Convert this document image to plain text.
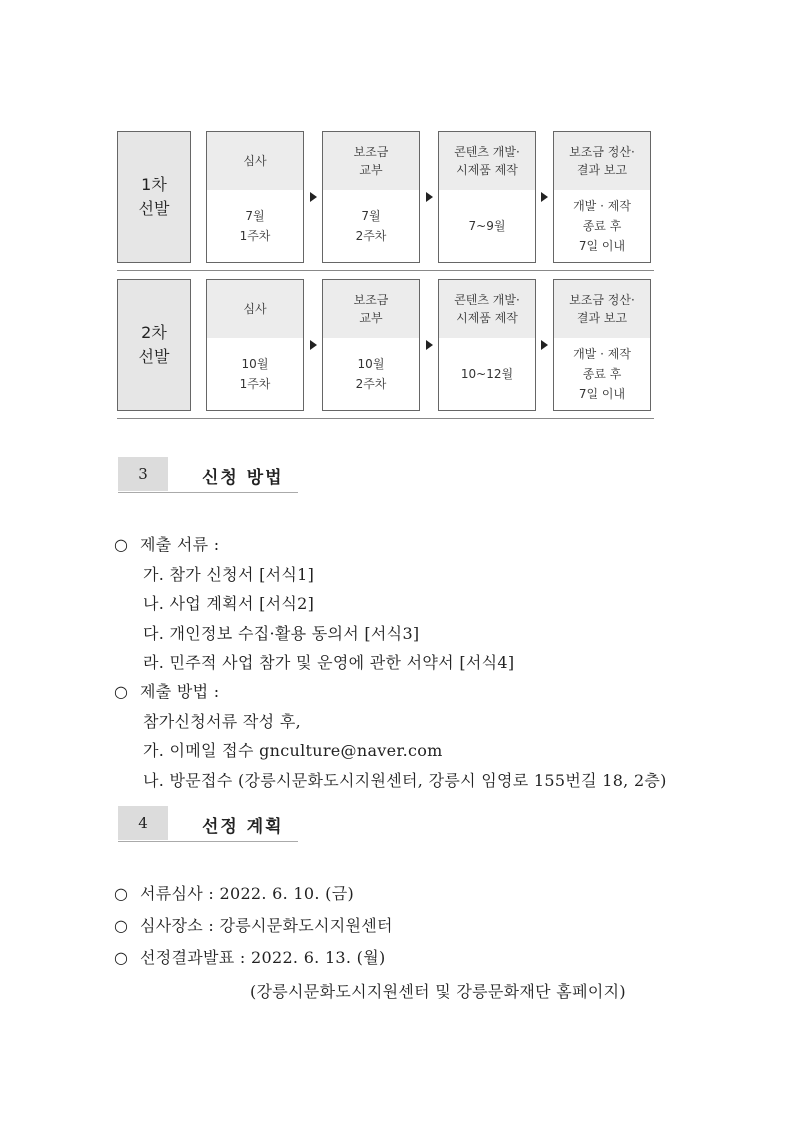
1차
선발
심사
7월
1주차
보조금
교부
7월
2주차
콘텐츠 개발·
시제품 제작
7~9월
보조금 정산·
결과 보고
개발 · 제작
종료 후
7일 이내
2차
선발
심사
10월
1주차
보조금
교부
10월
2주차
콘텐츠 개발·
시제품 제작
10~12월
보조금 정산·
결과 보고
개발 · 제작
종료 후
7일 이내
3	신청 방법
○ 제출 서류 :
가. 참가 신청서 [서식1]
나. 사업 계획서 [서식2]
다. 개인정보 수집·활용 동의서 [서식3]
라. 민주적 사업 참가 및 운영에 관한 서약서 [서식4]
○ 제출 방법 :
참가신청서류 작성 후,
가. 이메일 접수 gnculture@naver.com
나. 방문접수 (강릉시문화도시지원센터, 강릉시 임영로 155번길 18, 2층)
4	선정 계획
○ 서류심사 : 2022. 6. 10. (금)
○ 심사장소 : 강릉시문화도시지원센터
○ 선정결과발표 : 2022. 6. 13. (월)
(강릉시문화도시지원센터 및 강릉문화재단 홈페이지)
